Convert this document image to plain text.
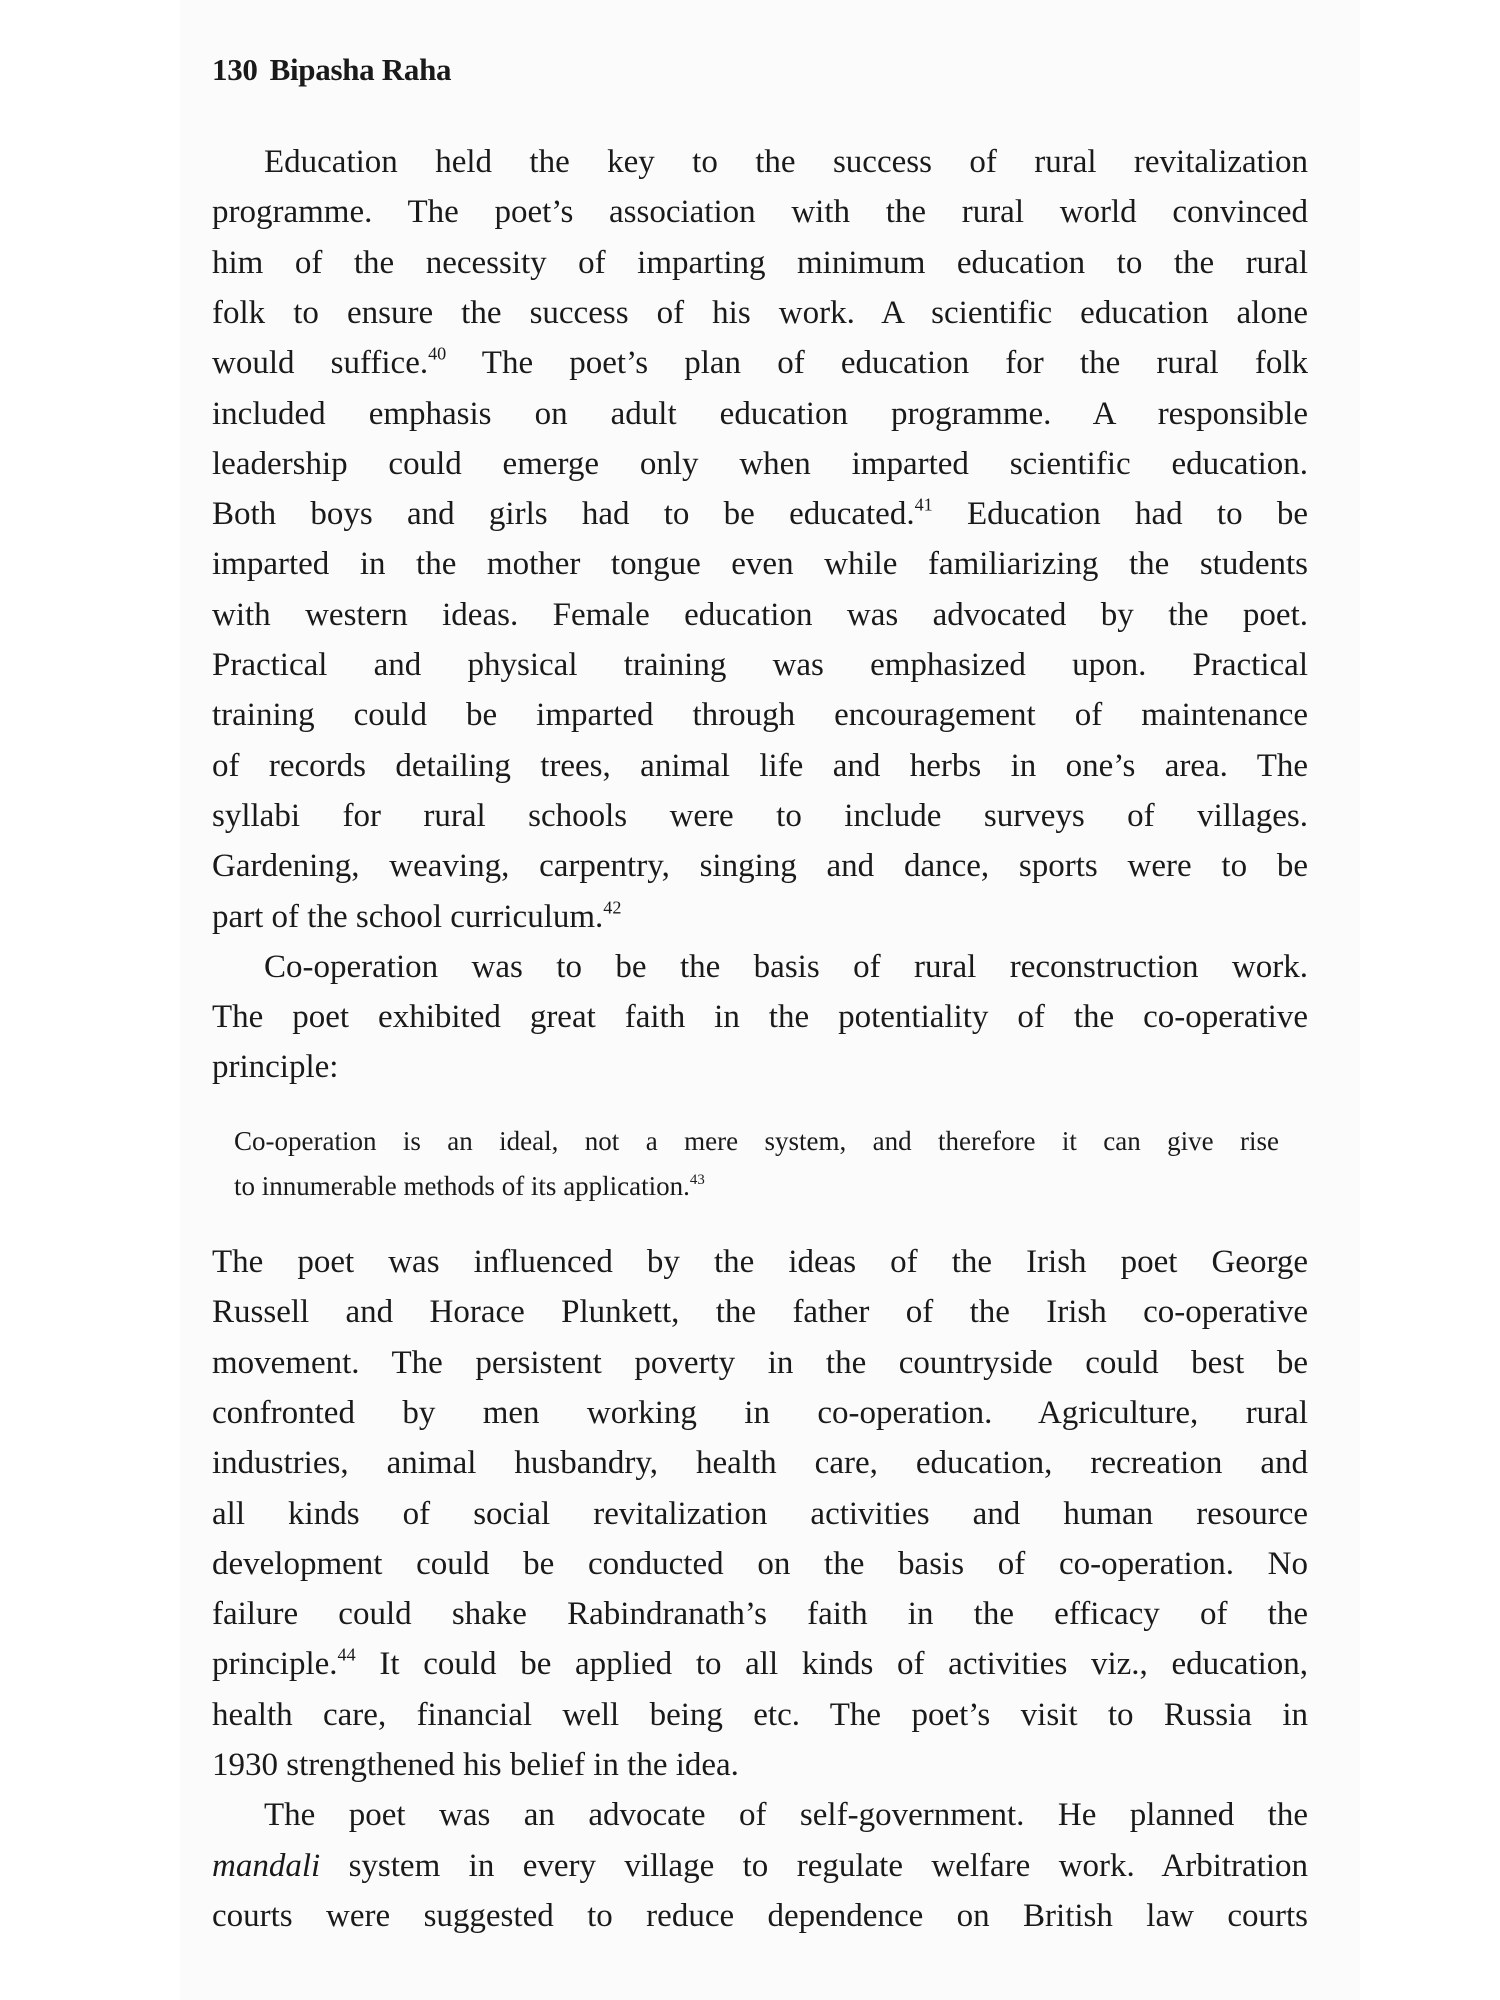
130 Bipasha Raha
Education held the key to the success of rural revitalization
programme. The poet’s association with the rural world convinced
him of the necessity of imparting minimum education to the rural
folk to ensure the success of his work. A scientific education alone
would suffice.$^{40}$ The poet’s plan of education for the rural folk
included emphasis on adult education programme. A responsible
leadership could emerge only when imparted scientific education.
Both boys and girls had to be educated.$^{41}$ Education had to be
imparted in the mother tongue even while familiarizing the students
with western ideas. Female education was advocated by the poet.
Practical and physical training was emphasized upon. Practical
training could be imparted through encouragement of maintenance
of records detailing trees, animal life and herbs in one’s area. The
syllabi for rural schools were to include surveys of villages.
Gardening, weaving, carpentry, singing and dance, sports were to be
part of the school curriculum.$^{42}$
Co-operation was to be the basis of rural reconstruction work.
The poet exhibited great faith in the potentiality of the co-operative
principle:
Co-operation is an ideal, not a mere system, and therefore it can give rise
to innumerable methods of its application.$^{43}$
The poet was influenced by the ideas of the Irish poet George
Russell and Horace Plunkett, the father of the Irish co-operative
movement. The persistent poverty in the countryside could best be
confronted by men working in co-operation. Agriculture, rural
industries, animal husbandry, health care, education, recreation and
all kinds of social revitalization activities and human resource
development could be conducted on the basis of co-operation. No
failure could shake Rabindranath’s faith in the efficacy of the
principle.$^{44}$ It could be applied to all kinds of activities viz., education,
health care, financial well being etc. The poet’s visit to Russia in
1930 strengthened his belief in the idea.
The poet was an advocate of self-government. He planned the
mandali system in every village to regulate welfare work. Arbitration
courts were suggested to reduce dependence on British law courts
